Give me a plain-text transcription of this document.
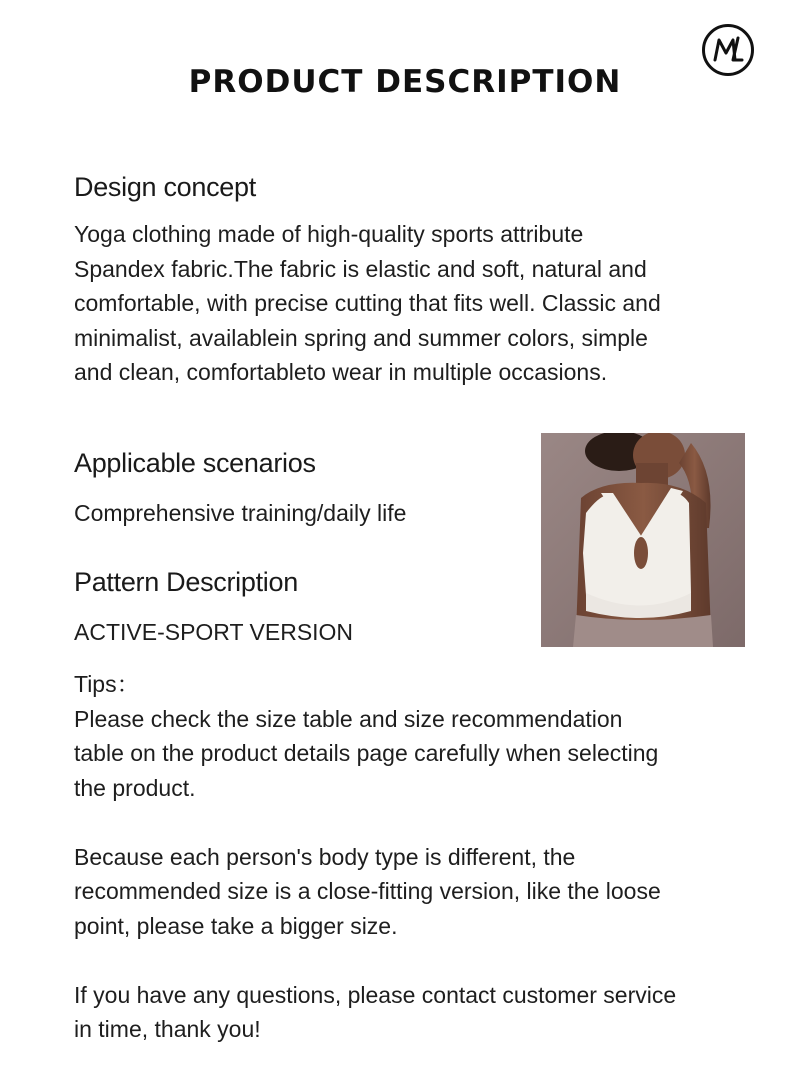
PRODUCT DESCRIPTION
Design concept
Yoga clothing made of high-quality sports attribute
Spandex fabric.The fabric is elastic and soft, natural and
comfortable, with precise cutting that fits well. Classic and
minimalist, availablein spring and summer colors, simple
and clean, comfortableto wear in multiple occasions.
Applicable scenarios
Comprehensive training/daily life
Pattern Description
ACTIVE-SPORT VERSION
Tips：
Please check the size table and size recommendation
table on the product details page carefully when selecting
the product.
Because each person's body type is different, the
recommended size is a close-fitting version, like the loose
point, please take a bigger size.
If you have any questions, please contact customer service
in time, thank you!
